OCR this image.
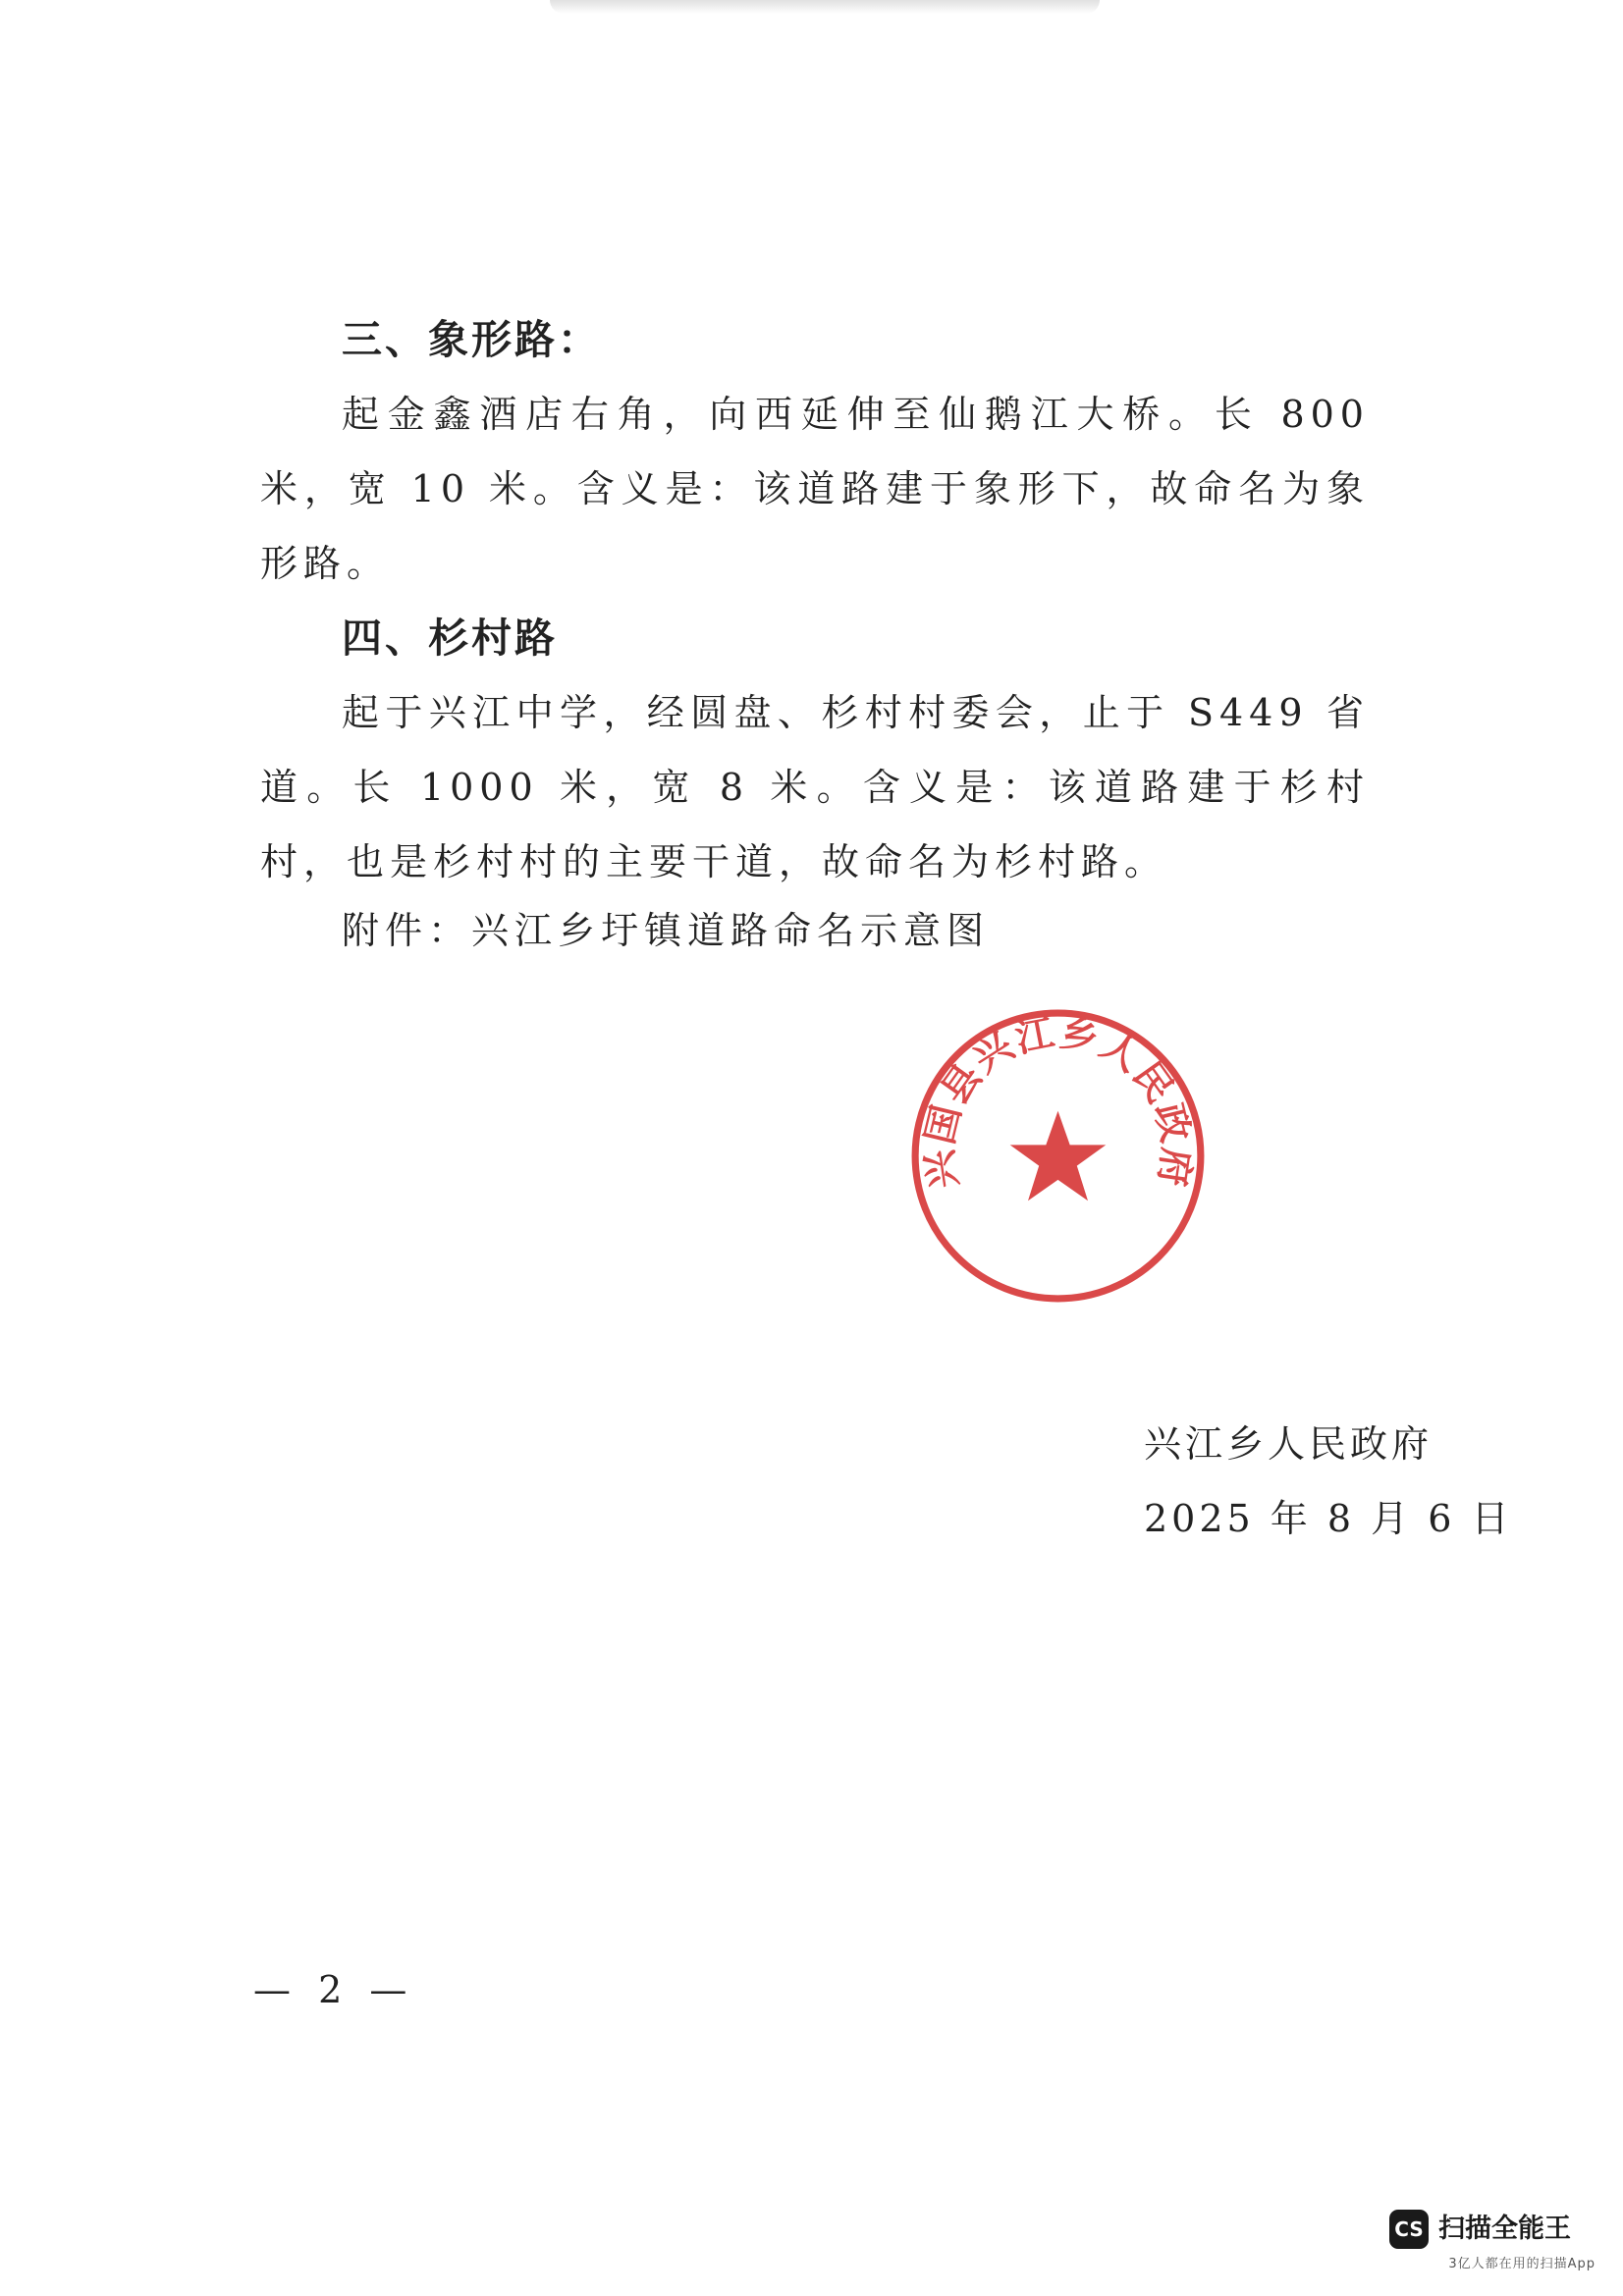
三、象形路：

起金鑫酒店右角，向西延伸至仙鹅江大桥。长 800 米，宽 10 米。含义是：该道路建于象形下，故命名为象形路。

四、杉村路

起于兴江中学，经圆盘、杉村村委会，止于 S449 省道。长 1000 米，宽 8 米。含义是：该道路建于杉村村，也是杉村村的主要干道，故命名为杉村路。

附件：兴江乡圩镇道路命名示意图

兴江乡人民政府
2025 年 8 月 6 日
兴国县兴江乡人民政府
— 2 —
CS 扫描全能王
3亿人都在用的扫描App
